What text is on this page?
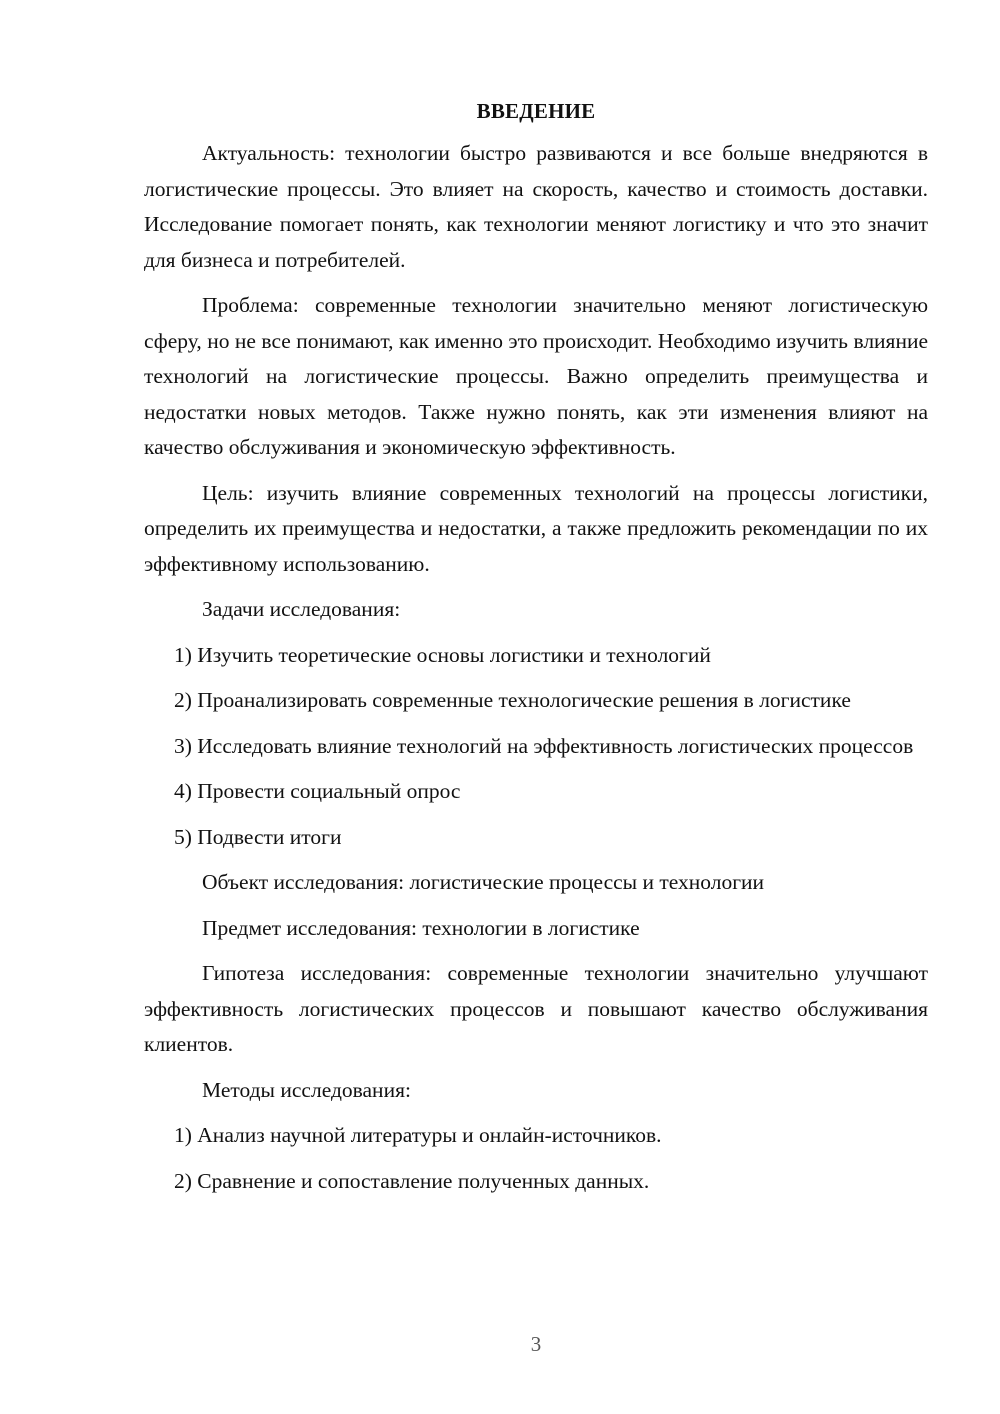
ВВЕДЕНИЕ

Актуальность: технологии быстро развиваются и все больше внедряются в логистические процессы. Это влияет на скорость, качество и стоимость доставки. Исследование помогает понять, как технологии меняют логистику и что это значит для бизнеса и потребителей.

Проблема: современные технологии значительно меняют логистическую сферу, но не все понимают, как именно это происходит. Необходимо изучить влияние технологий на логистические процессы. Важно определить преимущества и недостатки новых методов. Также нужно понять, как эти изменения влияют на качество обслуживания и экономическую эффективность.

Цель: изучить влияние современных технологий на процессы логистики, определить их преимущества и недостатки, а также предложить рекомендации по их эффективному использованию.

Задачи исследования:

1) Изучить теоретические основы логистики и технологий

2) Проанализировать современные технологические решения в логистике

3) Исследовать влияние технологий на эффективность логистических процессов

4) Провести социальный опрос

5) Подвести итоги

Объект исследования: логистические процессы и технологии

Предмет исследования: технологии в логистике

Гипотеза исследования: современные технологии значительно улучшают эффективность логистических процессов и повышают качество обслуживания клиентов.

Методы исследования:

1) Анализ научной литературы и онлайн-источников.

2) Сравнение и сопоставление полученных данных.

3
